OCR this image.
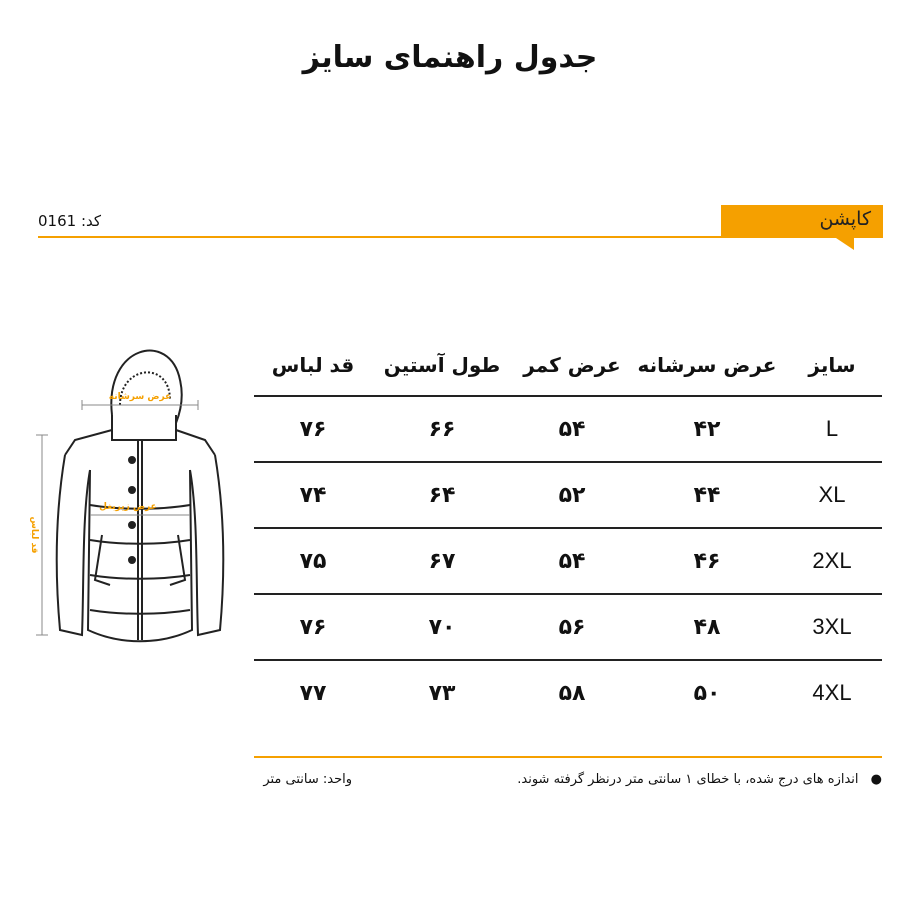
جدول راهنمای سایز
کد: 0161	کاپشن
عرض سرشانه
عرض زیربغل
قد لباس
سایز
عرض سرشانه
عرض کمر
طول آستین
قد لباس
L
۴۲
۵۴
۶۶
۷۶
XL
۴۴
۵۲
۶۴
۷۴
2XL
۴۶
۵۴
۶۷
۷۵
3XL
۴۸
۵۶
۷۰
۷۶
4XL
۵۰
۵۸
۷۳
۷۷
● اندازه های درج شده، با خطای ۱ سانتی متر درنظر گرفته شوند.
واحد: سانتی متر
